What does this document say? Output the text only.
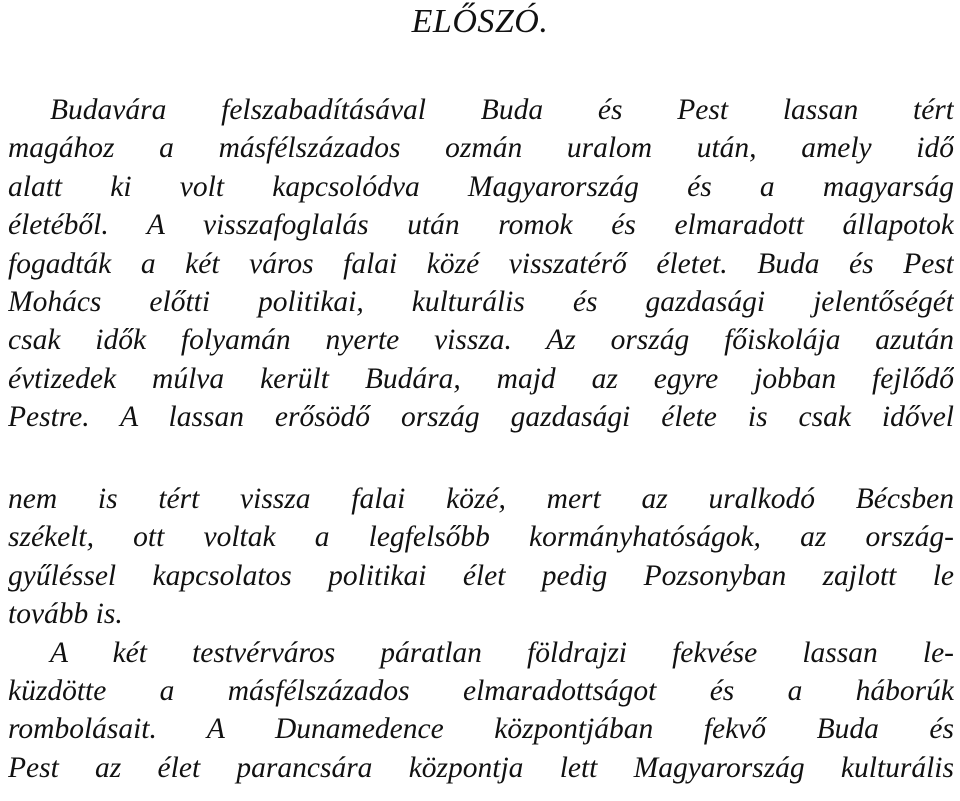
ELŐSZÓ.
Budavára felszabadításával Buda és Pest lassan tért
magához a másfélszázados ozmán uralom után, amely idő
alatt ki volt kapcsolódva Magyarország és a magyarság
életéből. A visszafoglalás után romok és elmaradott állapotok
fogadták a két város falai közé visszatérő életet. Buda és Pest
Mohács előtti politikai, kulturális és gazdasági jelentőségét
csak idők folyamán nyerte vissza. Az ország főiskolája azután
évtizedek múlva került Budára, majd az egyre jobban fejlődő
Pestre. A lassan erősödő ország gazdasági élete is csak idővel
nem is tért vissza falai közé, mert az uralkodó Bécsben
székelt, ott voltak a legfelsőbb kormányhatóságok, az ország-
gyűléssel kapcsolatos politikai élet pedig Pozsonyban zajlott le
tovább is.
A két testvérváros páratlan földrajzi fekvése lassan le-
küzdötte a másfélszázados elmaradottságot és a háborúk
rombolásait. A Dunamedence központjában fekvő Buda és
Pest az élet parancsára központja lett Magyarország kulturális
